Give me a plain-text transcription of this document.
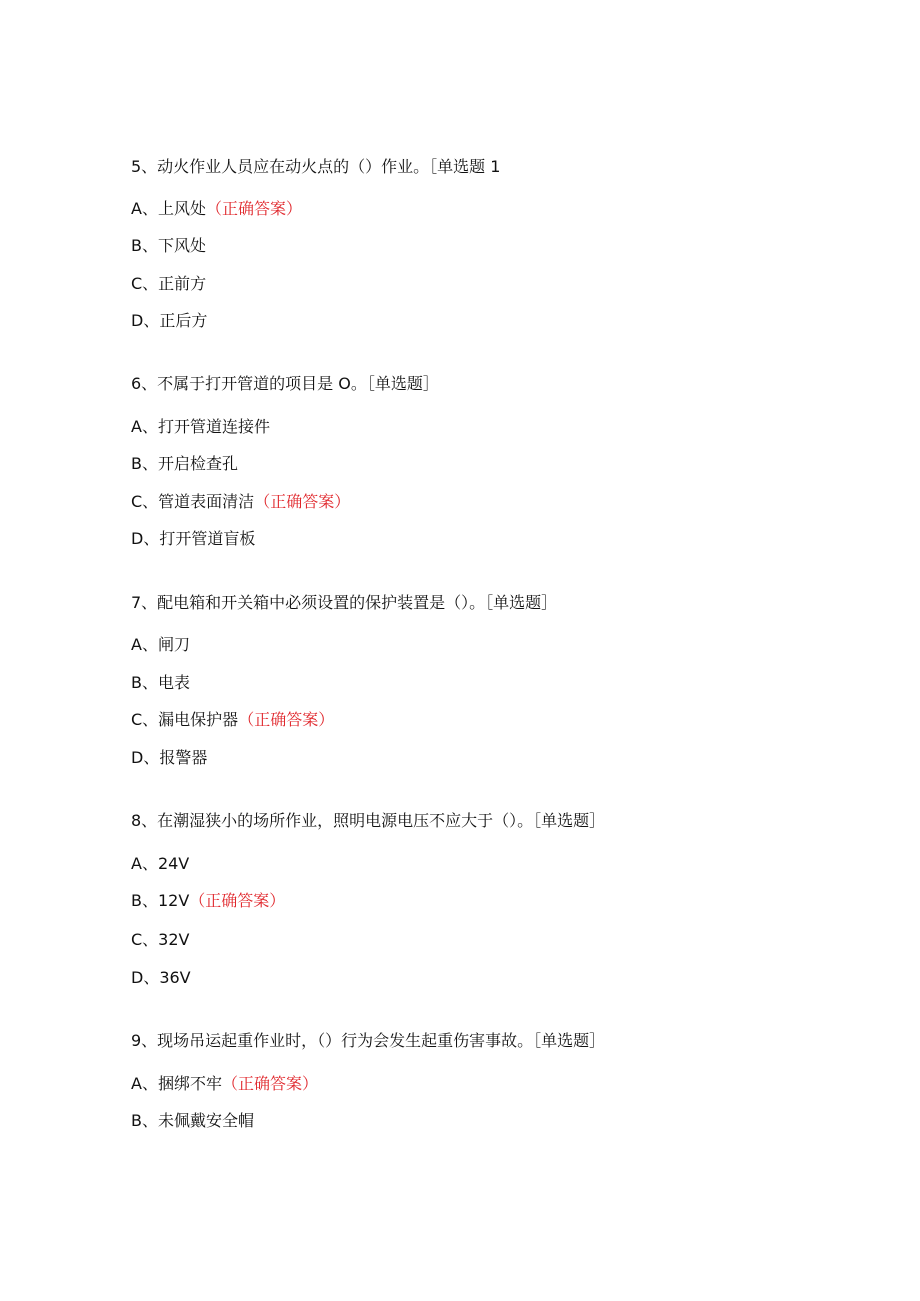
5、动火作业人员应在动火点的（）作业。［单选题 1
A、上风处（正确答案）
B、下风处
C、正前方
D、正后方
6、不属于打开管道的项目是 O。［单选题］
A、打开管道连接件
B、开启检查孔
C、管道表面清洁（正确答案）
D、打开管道盲板
7、配电箱和开关箱中必须设置的保护装置是（）。［单选题］
A、闸刀
B、电表
C、漏电保护器（正确答案）
D、报警器
8、在潮湿狭小的场所作业，照明电源电压不应大于（）。［单选题］
A、24V
B、12V（正确答案）
C、32V
D、36V
9、现场吊运起重作业时，（）行为会发生起重伤害事故。［单选题］
A、捆绑不牢（正确答案）
B、未佩戴安全帽
